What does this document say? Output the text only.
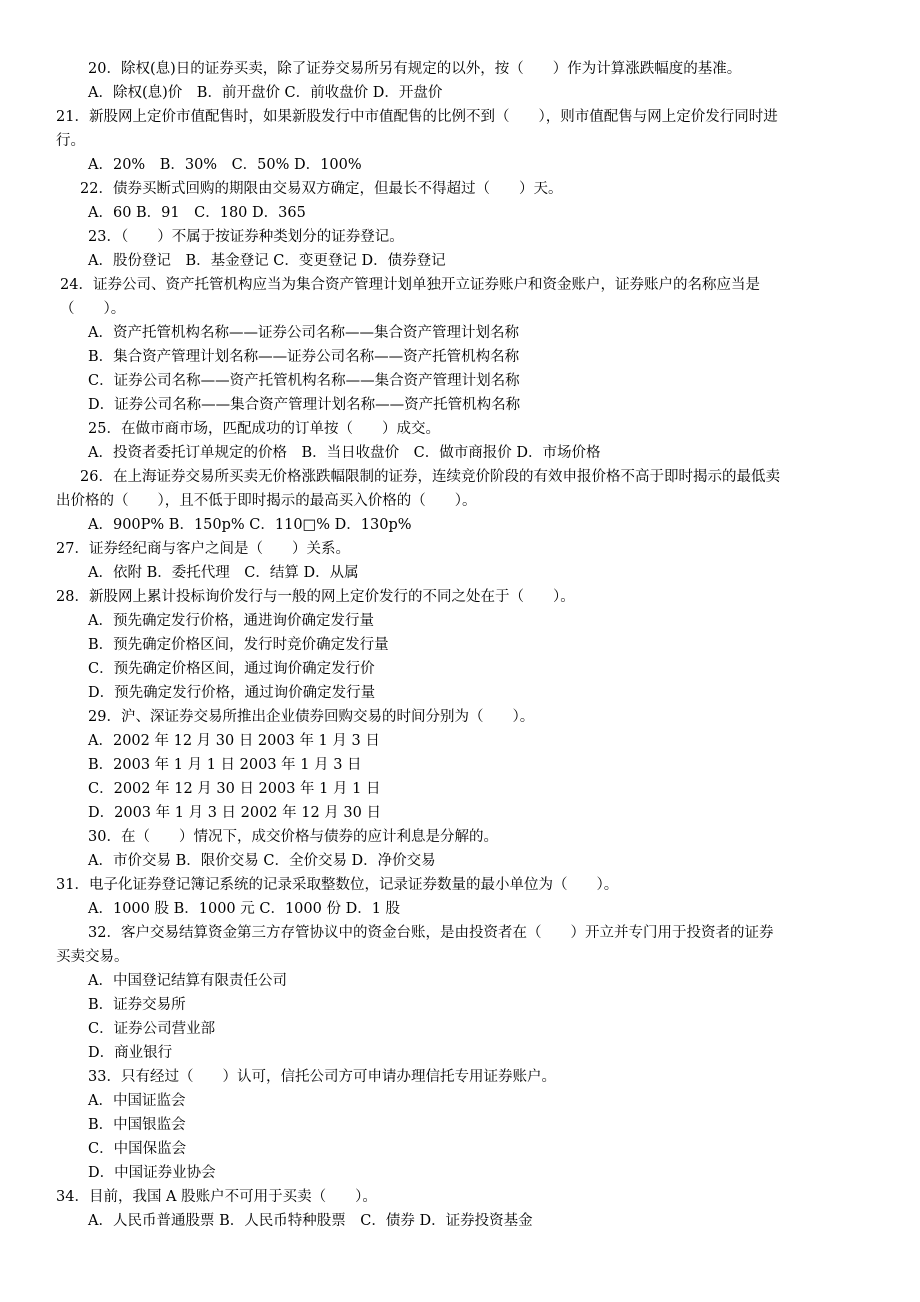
20．除权(息)日的证券买卖，除了证券交易所另有规定的以外，按（　　）作为计算涨跌幅度的基准。
A．除权(息)价　B．前开盘价 C．前收盘价 D．开盘价
21．新股网上定价市值配售时，如果新股发行中市值配售的比例不到（　　），则市值配售与网上定价发行同时进
行。
A．20%　B．30%　C．50% D．100%
22．债券买断式回购的期限由交易双方确定，但最长不得超过（　　）天。
A．60 B．91　C．180 D．365
23．（　　）不属于按证券种类划分的证券登记。
A．股份登记　B．基金登记 C．变更登记 D．债券登记
24．证券公司、资产托管机构应当为集合资产管理计划单独开立证券账户和资金账户，证券账户的名称应当是
（　　）。
A．资产托管机构名称——证券公司名称——集合资产管理计划名称
B．集合资产管理计划名称——证券公司名称——资产托管机构名称
C．证券公司名称——资产托管机构名称——集合资产管理计划名称
D．证券公司名称——集合资产管理计划名称——资产托管机构名称
25．在做市商市场，匹配成功的订单按（　　）成交。
A．投资者委托订单规定的价格　B．当日收盘价　C．做市商报价 D．市场价格
26．在上海证券交易所买卖无价格涨跌幅限制的证券，连续竞价阶段的有效申报价格不高于即时揭示的最低卖
出价格的（　　），且不低于即时揭示的最高买入价格的（　　）。
A．900P% B．150p% C．110□% D．130p%
27．证券经纪商与客户之间是（　　）关系。
A．依附 B．委托代理　C．结算 D．从属
28．新股网上累计投标询价发行与一般的网上定价发行的不同之处在于（　　）。
A．预先确定发行价格，通进询价确定发行量
B．预先确定价格区间，发行时竞价确定发行量
C．预先确定价格区间，通过询价确定发行价
D．预先确定发行价格，通过询价确定发行量
29．沪、深证券交易所推出企业债券回购交易的时间分别为（　　）。
A．2002 年 12 月 30 日 2003 年 1 月 3 日
B．2003 年 1 月 1 日 2003 年 1 月 3 日
C．2002 年 12 月 30 日 2003 年 1 月 1 日
D．2003 年 1 月 3 日 2002 年 12 月 30 日
30．在（　　）情况下，成交价格与债券的应计利息是分解的。
A．市价交易 B．限价交易 C．全价交易 D．净价交易
31．电子化证券登记簿记系统的记录采取整数位，记录证券数量的最小单位为（　　）。
A．1000 股 B．1000 元 C．1000 份 D．1 股
32．客户交易结算资金第三方存管协议中的资金台账，是由投资者在（　　）开立并专门用于投资者的证券
买卖交易。
A．中国登记结算有限责任公司
B．证券交易所
C．证券公司营业部
D．商业银行
33．只有经过（　　）认可，信托公司方可申请办理信托专用证券账户。
A．中国证监会
B．中国银监会
C．中国保监会
D．中国证券业协会
34．目前，我国 A 股账户不可用于买卖（　　）。
A．人民币普通股票 B．人民币特种股票　C．债券 D．证券投资基金
